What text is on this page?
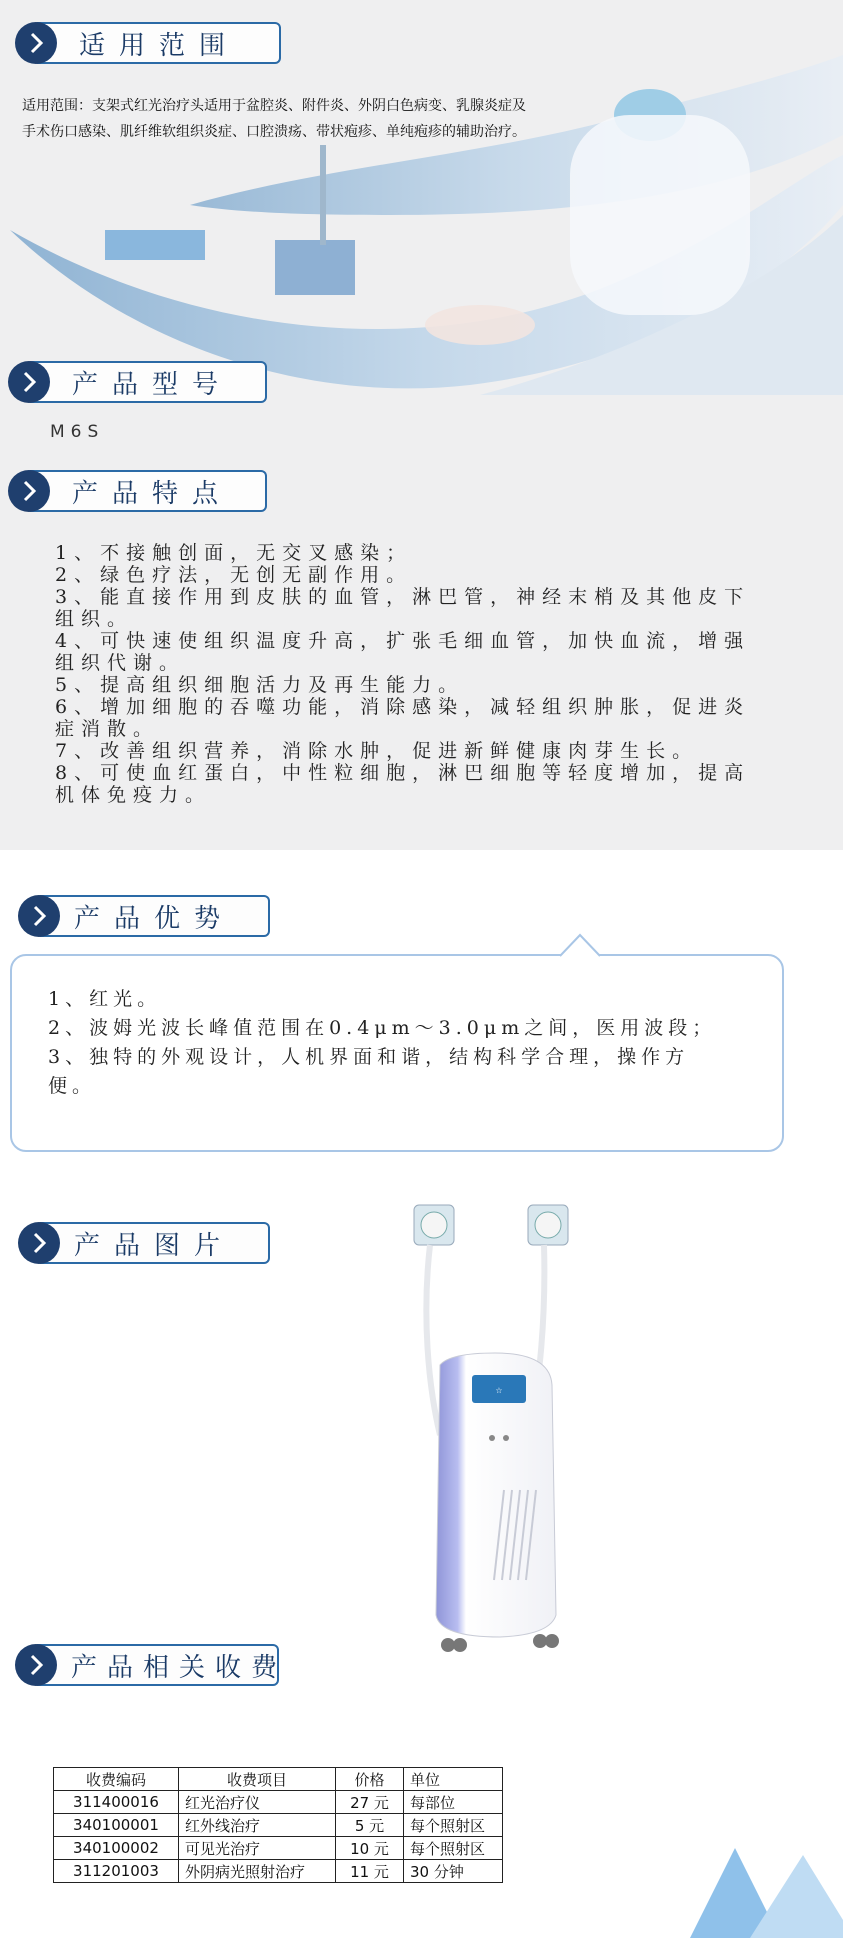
适用范围：支架式红光治疗头适用于盆腔炎、附件炎、外阴白色病变、乳腺炎症及
手术伤口感染、肌纤维软组织炎症、口腔溃疡、带状疱疹、单纯疱疹的辅助治疗。
适用范围
产品型号
M6S
产品特点
1、不接触创面，无交叉感染；
2、绿色疗法，无创无副作用。
3、能直接作用到皮肤的血管，淋巴管，神经末梢及其他皮下
组织。
4、可快速使组织温度升高，扩张毛细血管，加快血流，增强
组织代谢。
5、提高组织细胞活力及再生能力。
6、增加细胞的吞噬功能，消除感染，减轻组织肿胀，促进炎
症消散。
7、改善组织营养，消除水肿，促进新鲜健康肉芽生长。
8、可使血红蛋白，中性粒细胞，淋巴细胞等轻度增加，提高
机体免疫力。
产品优势
1、红光。
2、波姆光波长峰值范围在0.4μm～3.0μm之间，医用波段；
3、独特的外观设计，人机界面和谐，结构科学合理，操作方
便。
产品图片
☆
产品相关收费
收费编码	收费项目	价格	单位
311400016	红光治疗仪	27 元	每部位
340100001	红外线治疗	5 元	每个照射区
340100002	可见光治疗	10 元	每个照射区
311201003	外阴病光照射治疗	11 元	30 分钟
